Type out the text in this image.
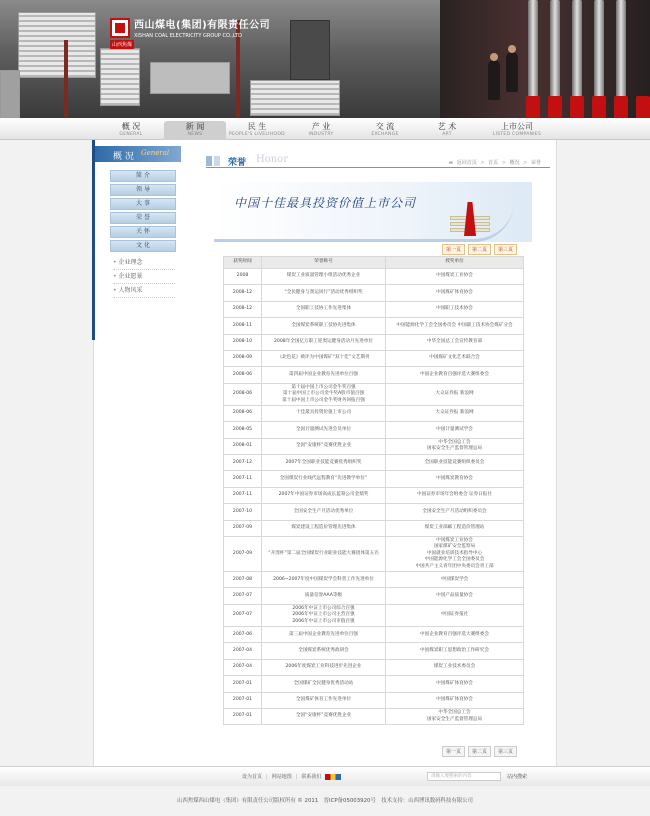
西山煤电(集团)有限责任公司
XISHAN COAL ELECTRICITY GROUP CO.,LTD
山西焦煤
概 况
GENERAL
新 闻
NEWS
民 生
PEOPLE'S LIVELIHOOD
产 业
INDUSTRY
交 流
EXCHANGE
艺 术
ART
上市公司
LISTED COMPANIES
概 况 General
简 介
领 导
大 事
荣 誉
关 怀
文 化
• 企业理念
• 企业愿景
• 人物风采
荣誉 Honor	▬ 返回首页 > 首页 > 概况 > 荣誉
中国十佳最具投资价值上市公司
第一页	第二页	第三页
获奖时间	荣誉称号	授奖单位
2008	煤炭工业质量管理小组活动优秀企业	中国煤炭工业协会
2008-12	“全民健身与奥运同行”活动优秀组织奖	中国煤矿体育协会
2008-12	全国职工技协工作先进集体	中国职工技术协会
2008-11	全国煤炭系统职工技协先进集体	中国能源化学工会全国委员会 中国职工技术协会煤矿分会
2008-10	2008年全国亿万职工迎奥运健身活动月先进单位	中华全国总工会宣传教育部
2008-09	《北色花》被评为中国煤矿“双十佳”文艺期刊	中国煤矿文化艺术联合会
2008-06	第四届中国企业教育先进单位百强	中国企业教育百强评选大赛组委会
2008-06	第十届中国上市公司金牛奖百强
第十届中国上市公司金牛奖A股市值百强
第十届中国上市公司金牛奖财务回报百强	大众证券报 新浪网
2008-06	十佳最具投资价值上市公司	大众证券报 新浪网
2008-05	全国计量测试先进会员单位	中国计量测试学会
2008-01	全国“安康杯”竞赛优胜企业	中华全国总工会
国家安全生产监督管理总局
2007-12	2007年全国职业技能竞赛优秀组织奖	全国职业技能竞赛组织委员会
2007-11	全国煤炭行业线代远程教育“先进教学单位”	中国煤炭教育协会
2007-11	2007年中国证券市场高成长蓝筹公司金鼎奖	中国证券市场年会组委会 证券日报社
2007-10	全国安全生产月活动优秀单位	全国安全生产月活动组织委员会
2007-09	煤炭建设工程造价管理先进集体	煤炭工业部邮工程造价管理站
2007-09	“开滦杯”第二届全国煤炭行业职业技能大赛团体第五名	中国煤炭工业协会
国家煤矿安全监察局
中国就业培训技术指导中心
中国能源化学工会全国委员会
中国共产主义青年团中央委员会青工部
2007-08	2006~2007年度中国煤炭学会科普工作先进单位	中国煤炭学会
2007-07	质量信誉AAA等级	中国产品质量协会
2007-07	2006年中证上市公司综合百强
2006年中证上市公司主营百强
2006年中证上市公司市值百强	中国证券报社
2007-06	第三届中国企业教育先进单位百强	中国企业教育百强评选大赛组委会
2007-04	全国煤炭系统优秀政研会	中国煤炭职工思想政治工作研究会
2007-04	2006年度煤炭工业科技进步先进企业	煤炭工业技术委员会
2007-01	全国煤矿全民健身优秀活动站	中国煤矿体育协会
2007-01	全国煤矿体育工作先进单位	中国煤矿体育协会
2007-01	全国“安康杯”竞赛优胜企业	中华全国总工会
国家安全生产监督管理总局
第一页	第二页	第三页
设为首页 | 网站地图 | 联系我们	请输入要搜索的内容	站内搜索
山西焦煤西山煤电（集团）有限责任公司版权所有 © 2011　晋ICP备05003920号　技术支持：山西博讯数码科技有限公司
